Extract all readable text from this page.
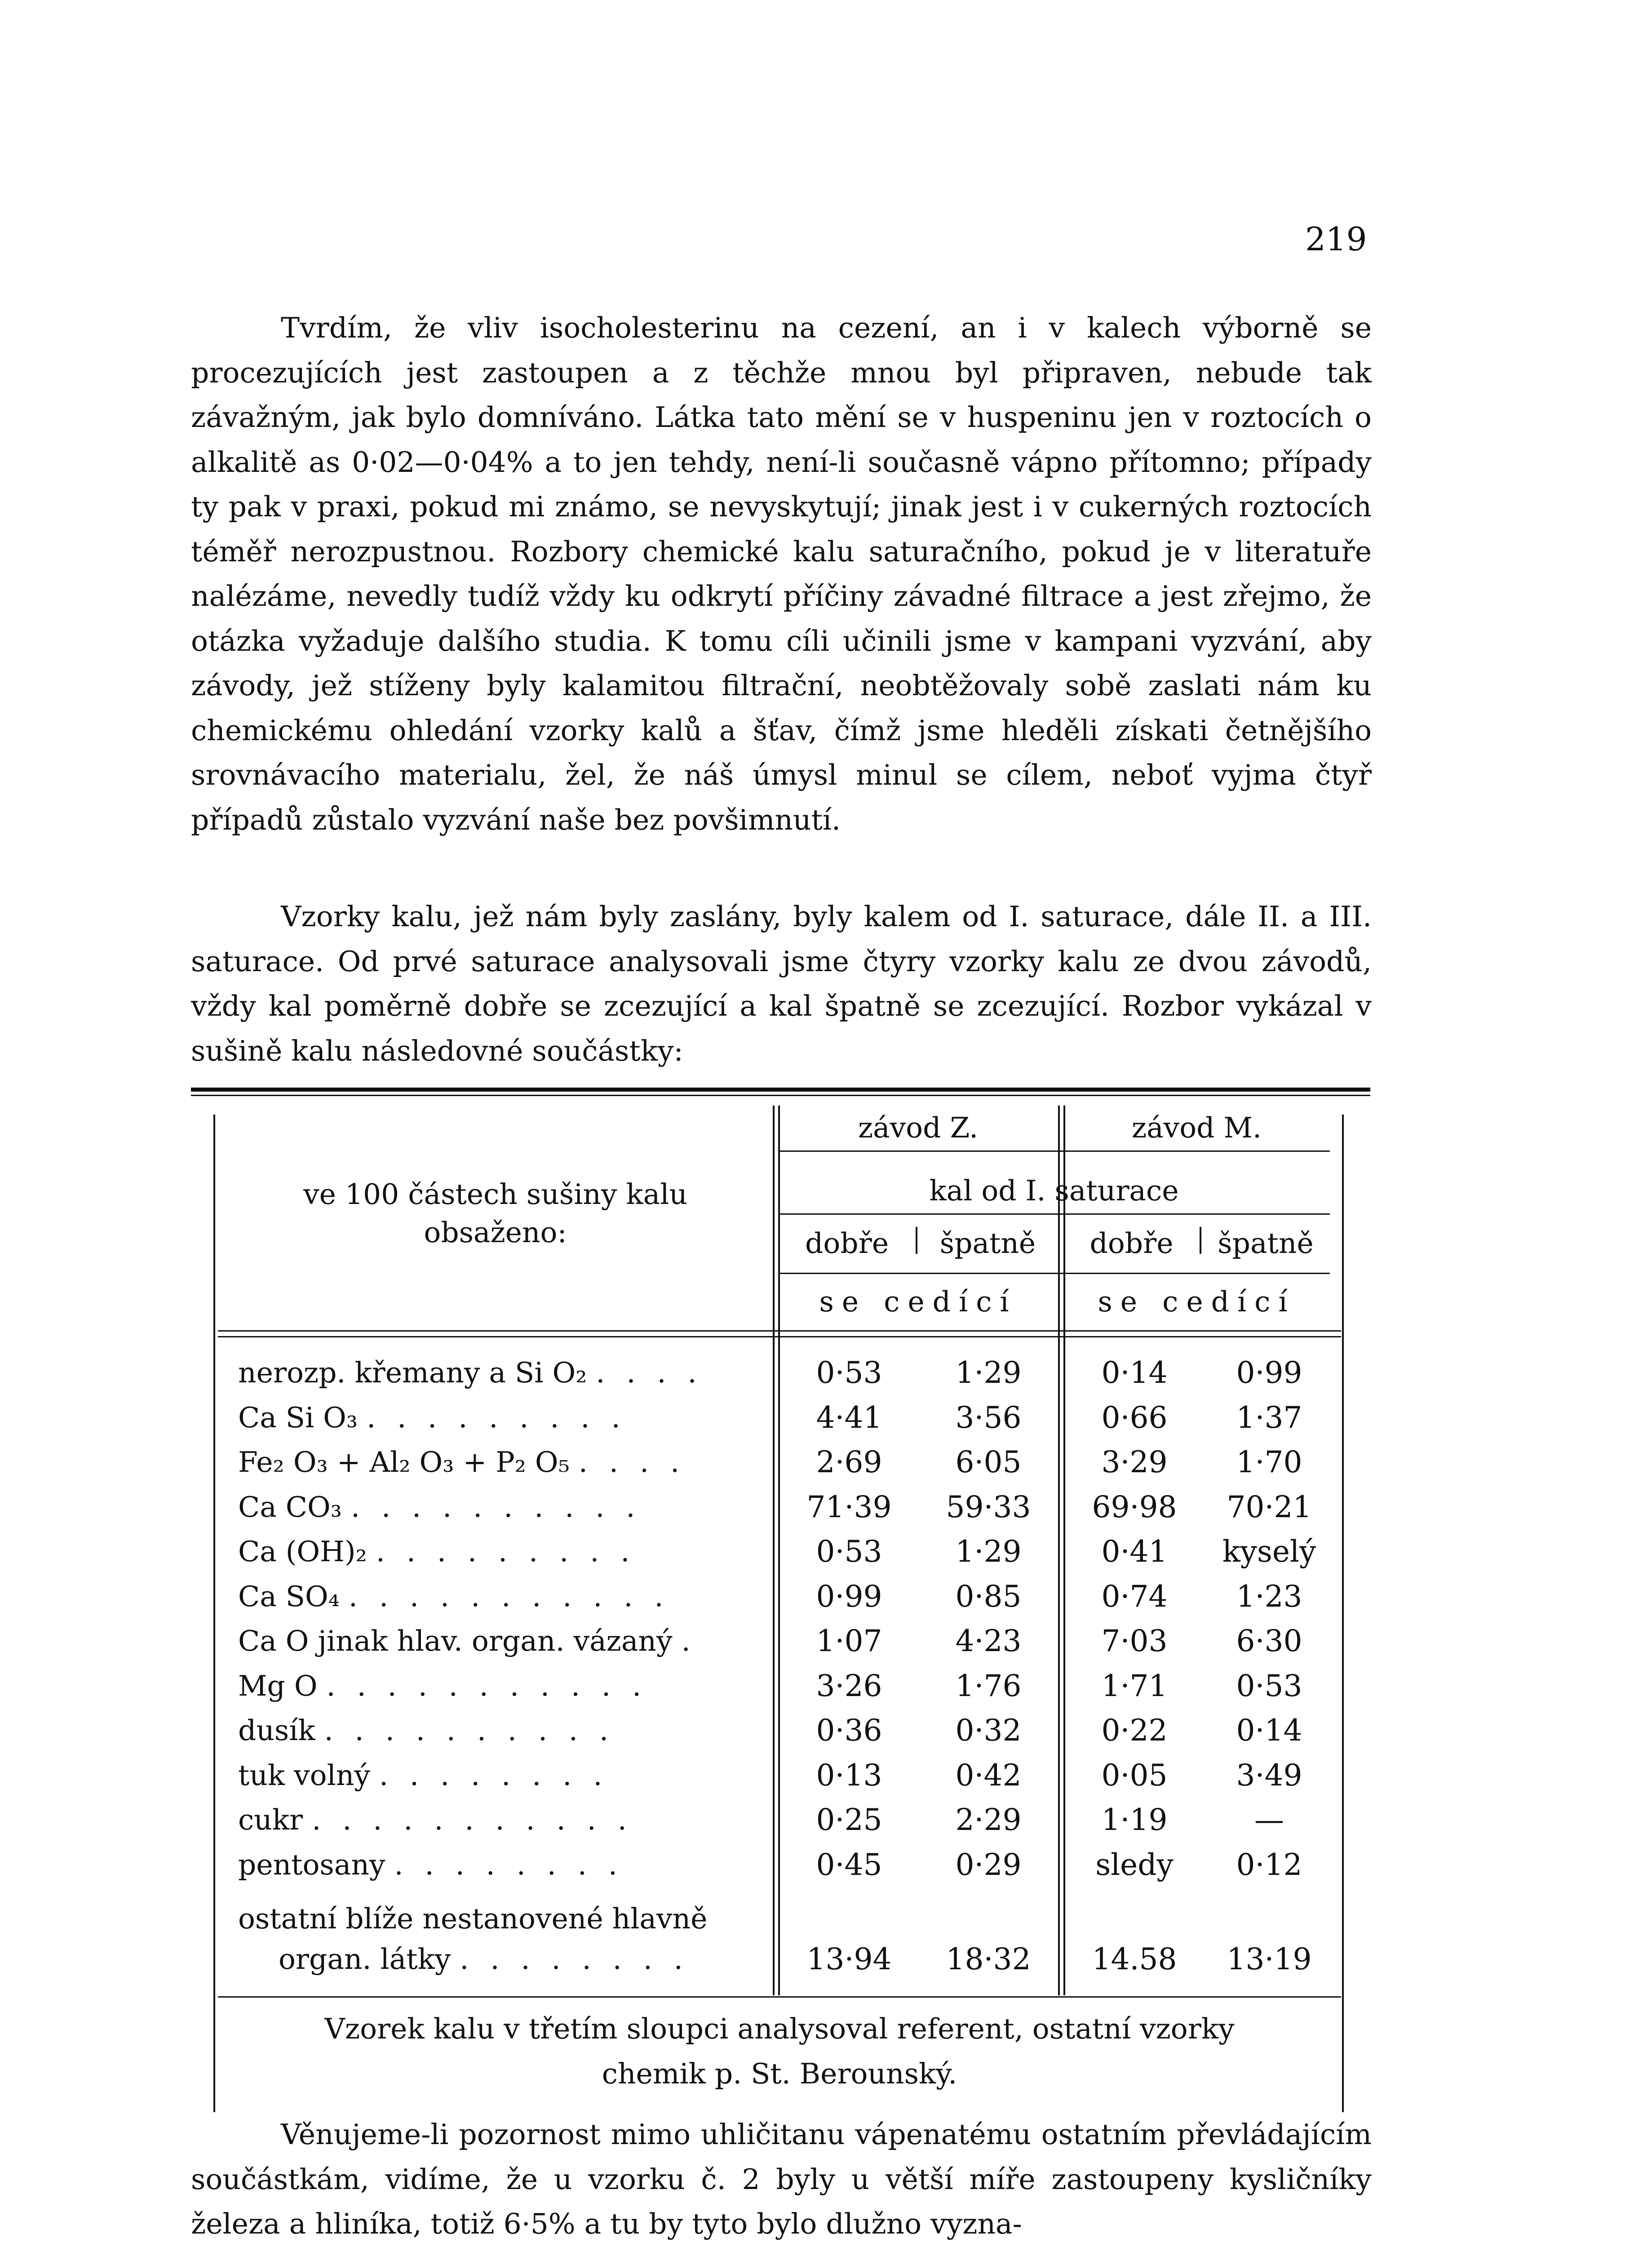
219

Tvrdím, že vliv isocholesterinu na cezení, an i v kalech výborně se procezujících jest zastoupen a z těchže mnou byl připraven, nebude tak závažným, jak bylo domníváno. Látka tato mění se v huspeninu jen v roztocích o alkalitě as 0·02—0·04% a to jen tehdy, není-li současně vápno přítomno; případy ty pak v praxi, pokud mi známo, se nevyskytují; jinak jest i v cukerných roztocích téměř nerozpustnou. Rozbory chemické kalu saturačního, pokud je v literatuře nalézáme, nevedly tudíž vždy ku odkrytí příčiny závadné filtrace a jest zřejmo, že otázka vyžaduje dalšího studia. K tomu cíli učinili jsme v kampani vyzvání, aby závody, jež stíženy byly kalamitou filtrační, neobtěžovaly sobě zaslati nám ku chemickému ohledání vzorky kalů a šťav, čímž jsme hleděli získati četnějšího srovnávacího materialu, žel, že náš úmysl minul se cílem, neboť vyjma čtyř případů zůstalo vyzvání naše bez povšimnutí.

Vzorky kalu, jež nám byly zaslány, byly kalem od I. saturace, dále II. a III. saturace. Od prvé saturace analysovali jsme čtyry vzorky kalu ze dvou závodů, vždy kal poměrně dobře se zcezující a kal špatně se zcezující. Rozbor vykázal v sušině kalu následovné součástky:

ve 100 částech sušiny kalu
obsaženo:
závod Z.	závod M.
kal od I. saturace
dobře	špatně	dobře	špatně
se cedící	se cedící
nerozp. křemany a Si O₂ . . . .	0·53	1·29	0·14	0·99
Ca Si O₃ . . . . . . . . .	4·41	3·56	0·66	1·37
Fe₂ O₃ + Al₂ O₃ + P₂ O₅ . . . .	2·69	6·05	3·29	1·70
Ca CO₃ . . . . . . . . . .	71·39	59·33	69·98	70·21
Ca (OH)₂ . . . . . . . . .	0·53	1·29	0·41	kyselý
Ca SO₄ . . . . . . . . . . .	0·99	0·85	0·74	1·23
Ca O jinak hlav. organ. vázaný .	1·07	4·23	7·03	6·30
Mg O . . . . . . . . . . .	3·26	1·76	1·71	0·53
dusík . . . . . . . . . .	0·36	0·32	0·22	0·14
tuk volný . . . . . . . .	0·13	0·42	0·05	3·49
cukr . . . . . . . . . . .	0·25	2·29	1·19	—
pentosany . . . . . . . .	0·45	0·29	sledy	0·12
ostatní blíže nestanovené hlavně
organ. látky . . . . . . . .	13·94	18·32	14.58	13·19
Vzorek kalu v třetím sloupci analysoval referent, ostatní vzorky
chemik p. St. Berounský.

Věnujeme-li pozornost mimo uhličitanu vápenatému ostatním převládajícím součástkám, vidíme, že u vzorku č. 2 byly u větší míře zastoupeny kysličníky železa a hliníka, totiž 6·5% a tu by tyto bylo dlužno vyzna-
